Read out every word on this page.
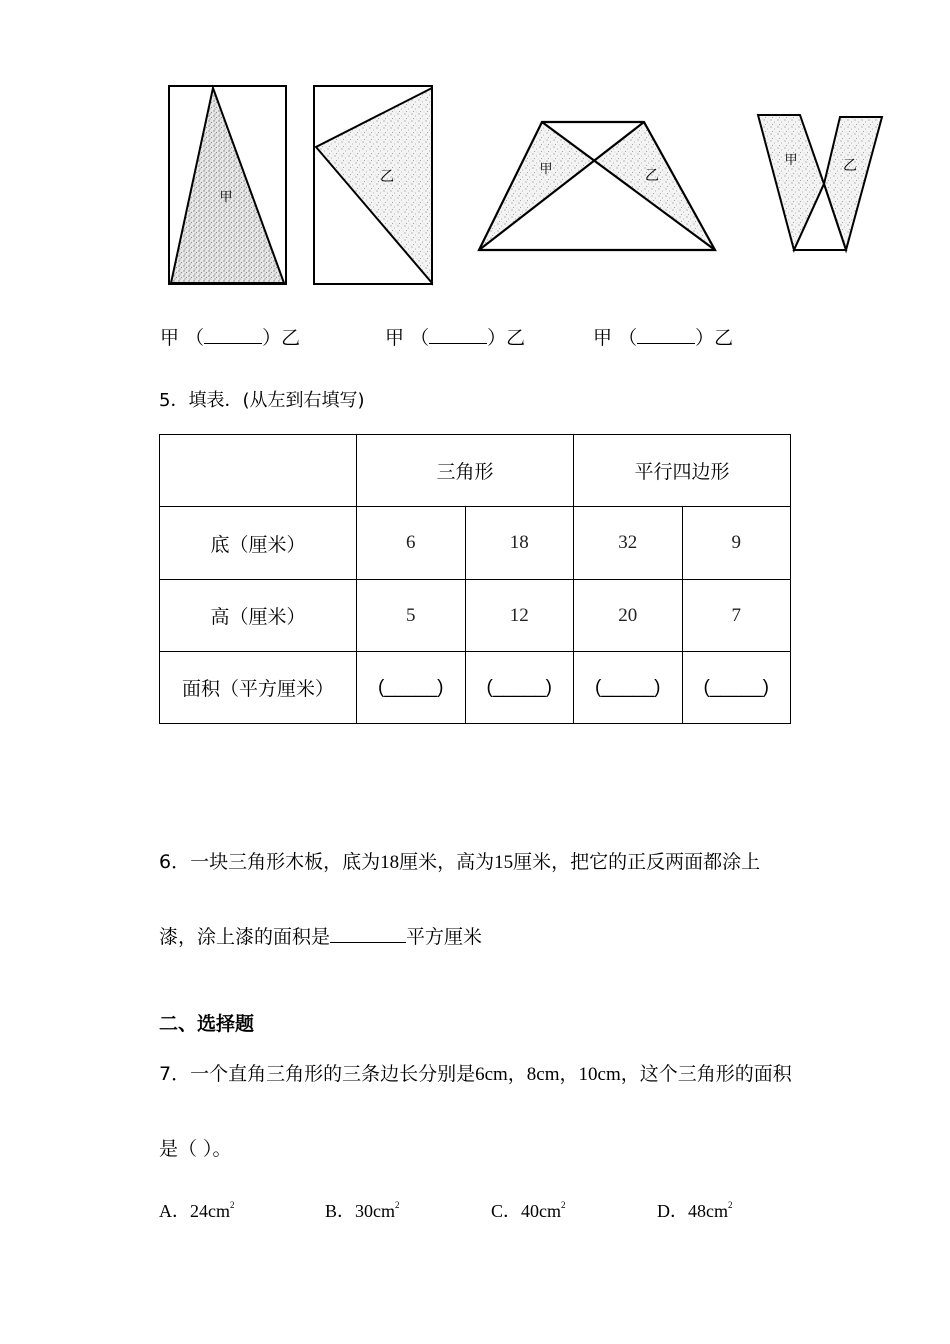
甲
乙	甲	乙
甲	乙
甲 （	）乙	甲 （	）乙	甲 （	）乙
5．填表．(从左到右填写)
	三角形		平行四边形	
底（厘米）	6	18	32	9
高（厘米）	5	12	20	7
面积（平方厘米）	(_____)	(_____)	(_____)	(_____)
6．一块三角形木板，底为18厘米，高为15厘米，把它的正反两面都涂上
漆，涂上漆的面积是	平方厘米
二、选择题
7．一个直角三角形的三条边长分别是6cm，8cm，10cm，这个三角形的面积
是（ ）。
A．$24cm^2$	B．$30cm^2$	C．$40cm^2$	D．$48cm^2$
